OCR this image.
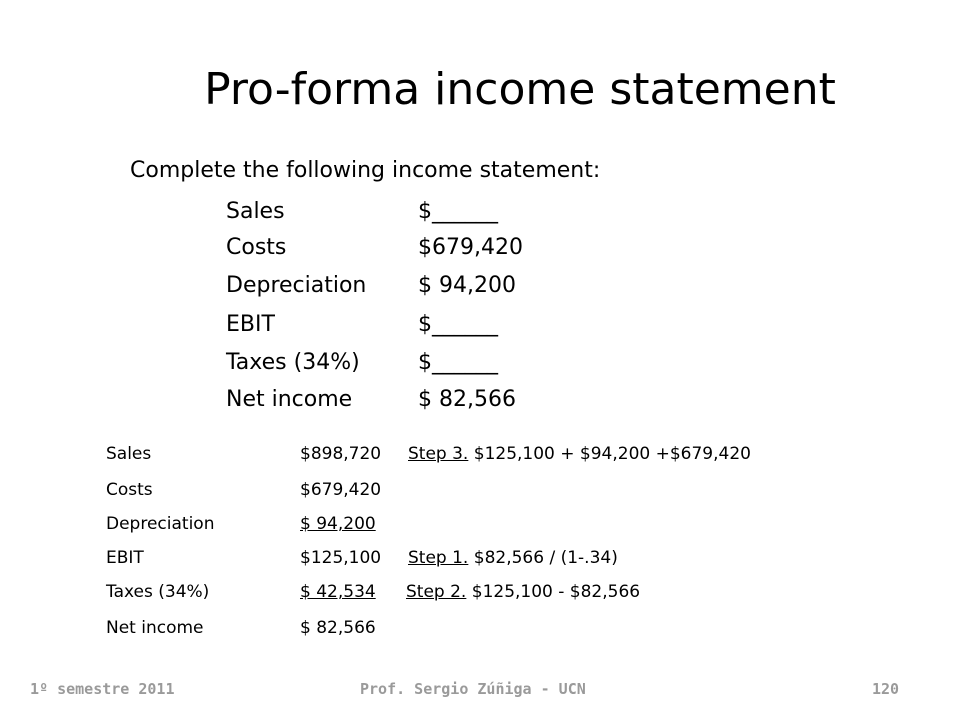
Pro-forma income statement
Complete the following income statement:
Sales	$______
Costs	$679,420
Depreciation $ 94,200
EBIT	$______
Taxes (34%)	$______
Net income	$ 82,566
Sales	$898,720 Step 3. $125,100 + $94,200 +$679,420
Costs	$679,420
Depreciation	$ 94,200
EBIT	$125,100 Step 1. $82,566 / (1-.34)
Taxes (34%)	$ 42,534 Step 2. $125,100 - $82,566
Net income	$ 82,566
1º semestre 2011	Prof. Sergio Zúñiga - UCN	120
